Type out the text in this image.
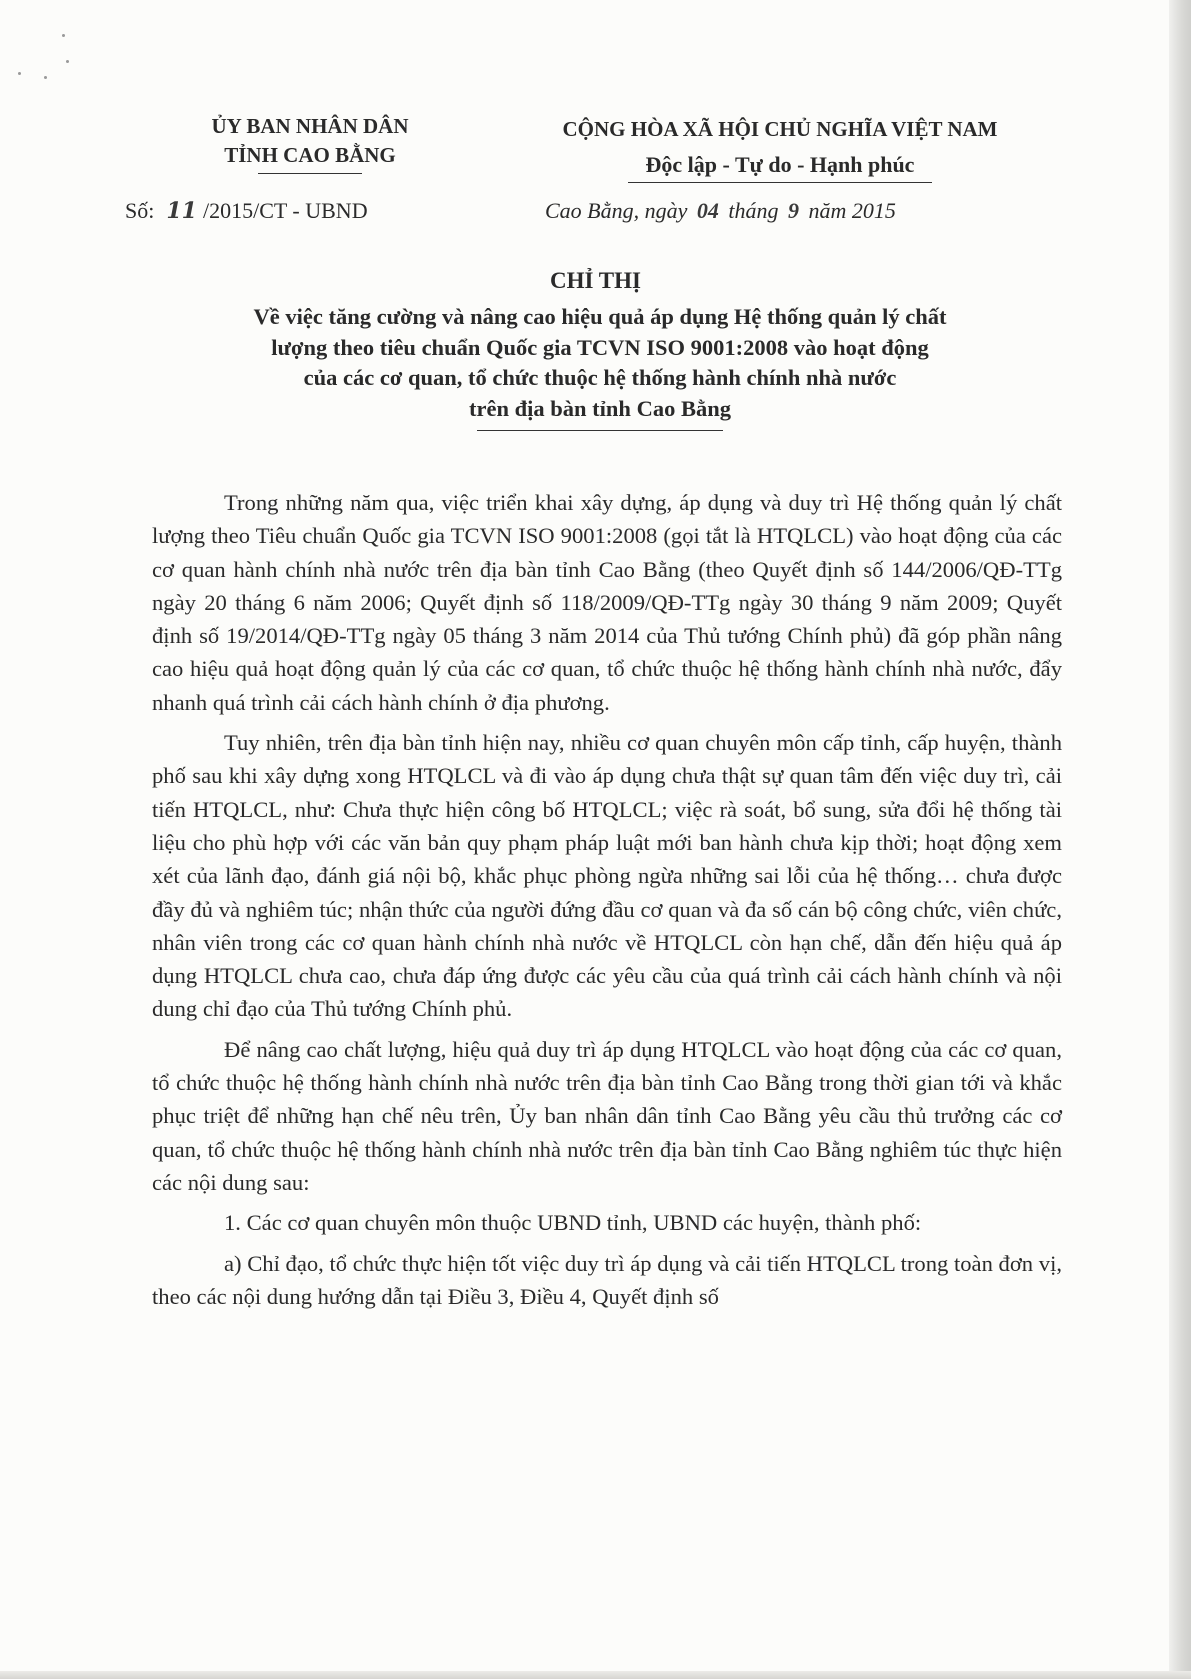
ỦY BAN NHÂN DÂN
TỈNH CAO BẰNG
Số: 11 /2015/CT - UBND
CỘNG HÒA XÃ HỘI CHỦ NGHĨA VIỆT NAM
Độc lập - Tự do - Hạnh phúc
Cao Bằng, ngày 04 tháng 9 năm 2015
CHỈ THỊ
Về việc tăng cường và nâng cao hiệu quả áp dụng Hệ thống quản lý chất
lượng theo tiêu chuẩn Quốc gia TCVN ISO 9001:2008 vào hoạt động
của các cơ quan, tổ chức thuộc hệ thống hành chính nhà nước
trên địa bàn tỉnh Cao Bằng

Trong những năm qua, việc triển khai xây dựng, áp dụng và duy trì Hệ thống quản lý chất lượng theo Tiêu chuẩn Quốc gia TCVN ISO 9001:2008 (gọi tắt là HTQLCL) vào hoạt động của các cơ quan hành chính nhà nước trên địa bàn tỉnh Cao Bằng (theo Quyết định số 144/2006/QĐ-TTg ngày 20 tháng 6 năm 2006; Quyết định số 118/2009/QĐ-TTg ngày 30 tháng 9 năm 2009; Quyết định số 19/2014/QĐ-TTg ngày 05 tháng 3 năm 2014 của Thủ tướng Chính phủ) đã góp phần nâng cao hiệu quả hoạt động quản lý của các cơ quan, tổ chức thuộc hệ thống hành chính nhà nước, đẩy nhanh quá trình cải cách hành chính ở địa phương.

Tuy nhiên, trên địa bàn tỉnh hiện nay, nhiều cơ quan chuyên môn cấp tỉnh, cấp huyện, thành phố sau khi xây dựng xong HTQLCL và đi vào áp dụng chưa thật sự quan tâm đến việc duy trì, cải tiến HTQLCL, như: Chưa thực hiện công bố HTQLCL; việc rà soát, bổ sung, sửa đổi hệ thống tài liệu cho phù hợp với các văn bản quy phạm pháp luật mới ban hành chưa kịp thời; hoạt động xem xét của lãnh đạo, đánh giá nội bộ, khắc phục phòng ngừa những sai lỗi của hệ thống… chưa được đầy đủ và nghiêm túc; nhận thức của người đứng đầu cơ quan và đa số cán bộ công chức, viên chức, nhân viên trong các cơ quan hành chính nhà nước về HTQLCL còn hạn chế, dẫn đến hiệu quả áp dụng HTQLCL chưa cao, chưa đáp ứng được các yêu cầu của quá trình cải cách hành chính và nội dung chỉ đạo của Thủ tướng Chính phủ.

Để nâng cao chất lượng, hiệu quả duy trì áp dụng HTQLCL vào hoạt động của các cơ quan, tổ chức thuộc hệ thống hành chính nhà nước trên địa bàn tỉnh Cao Bằng trong thời gian tới và khắc phục triệt để những hạn chế nêu trên, Ủy ban nhân dân tỉnh Cao Bằng yêu cầu thủ trưởng các cơ quan, tổ chức thuộc hệ thống hành chính nhà nước trên địa bàn tỉnh Cao Bằng nghiêm túc thực hiện các nội dung sau:

1. Các cơ quan chuyên môn thuộc UBND tỉnh, UBND các huyện, thành phố:

a) Chỉ đạo, tổ chức thực hiện tốt việc duy trì áp dụng và cải tiến HTQLCL trong toàn đơn vị, theo các nội dung hướng dẫn tại Điều 3, Điều 4, Quyết định số
